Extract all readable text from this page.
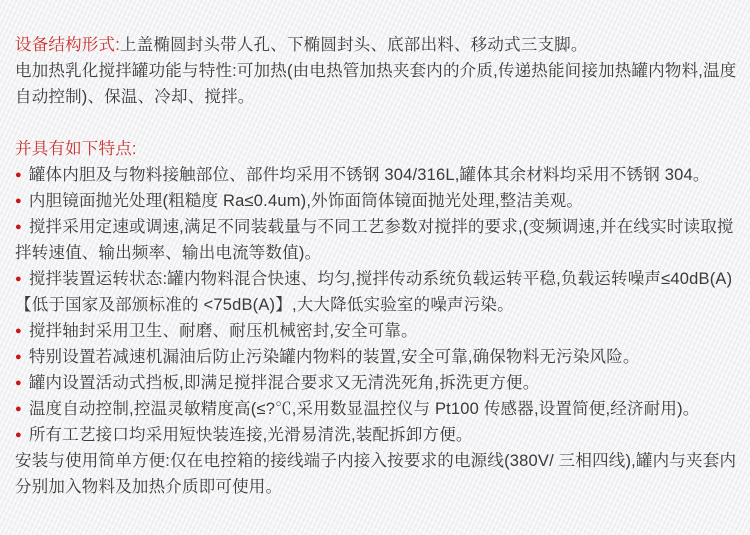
设备结构形式:上盖椭圆封头带人孔、下椭圆封头、底部出料、移动式三支脚。

电加热乳化搅拌罐功能与特性:可加热(由电热管加热夹套内的介质,传递热能间接加热罐内物料,温度自动控制)、保温、冷却、搅拌。

并具有如下特点:

● 罐体内胆及与物料接触部位、部件均采用不锈钢 304/316L,罐体其余材料均采用不锈钢 304。

● 内胆镜面抛光处理(粗糙度 Ra≤0.4um),外饰面筒体镜面抛光处理,整洁美观。

● 搅拌采用定速或调速,满足不同装载量与不同工艺参数对搅拌的要求,(变频调速,并在线实时读取搅拌转速值、输出频率、输出电流等数值)。

● 搅拌装置运转状态:罐内物料混合快速、均匀,搅拌传动系统负载运转平稳,负载运转噪声≤40dB(A)【低于国家及部颁标准的 <75dB(A)】,大大降低实验室的噪声污染。

● 搅拌轴封采用卫生、耐磨、耐压机械密封,安全可靠。

● 特别设置若减速机漏油后防止污染罐内物料的装置,安全可靠,确保物料无污染风险。

● 罐内设置活动式挡板,即满足搅拌混合要求又无清洗死角,拆洗更方便。

● 温度自动控制,控温灵敏精度高(≤?℃,采用数显温控仪与 Pt100 传感器,设置简便,经济耐用)。

● 所有工艺接口均采用短快装连接,光滑易清洗,装配拆卸方便。

安装与使用简单方便:仅在电控箱的接线端子内接入按要求的电源线(380V/ 三相四线),罐内与夹套内分别加入物料及加热介质即可使用。
